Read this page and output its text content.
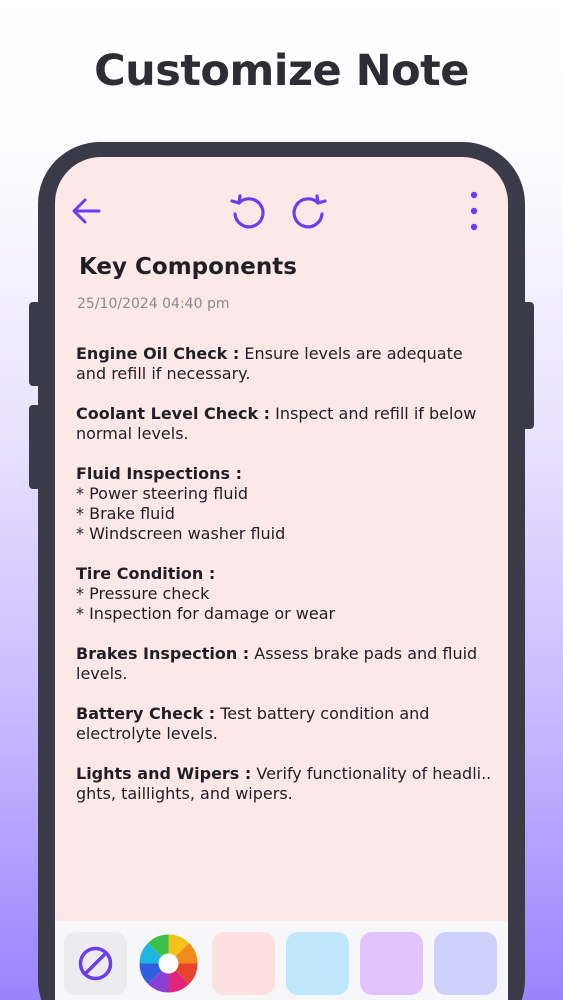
Customize Note
Key Components
25/10/2024 04:40 pm

Engine Oil Check : Ensure levels are adequate and refill if necessary.

Coolant Level Check : Inspect and refill if below normal levels.

Fluid Inspections :
* Power steering fluid
* Brake fluid
* Windscreen washer fluid

Tire Condition :
* Pressure check
* Inspection for damage or wear

Brakes Inspection : Assess brake pads and fluid levels.

Battery Check : Test battery condition and electrolyte levels.

Lights and Wipers : Verify functionality of headli.. ghts, taillights, and wipers.
